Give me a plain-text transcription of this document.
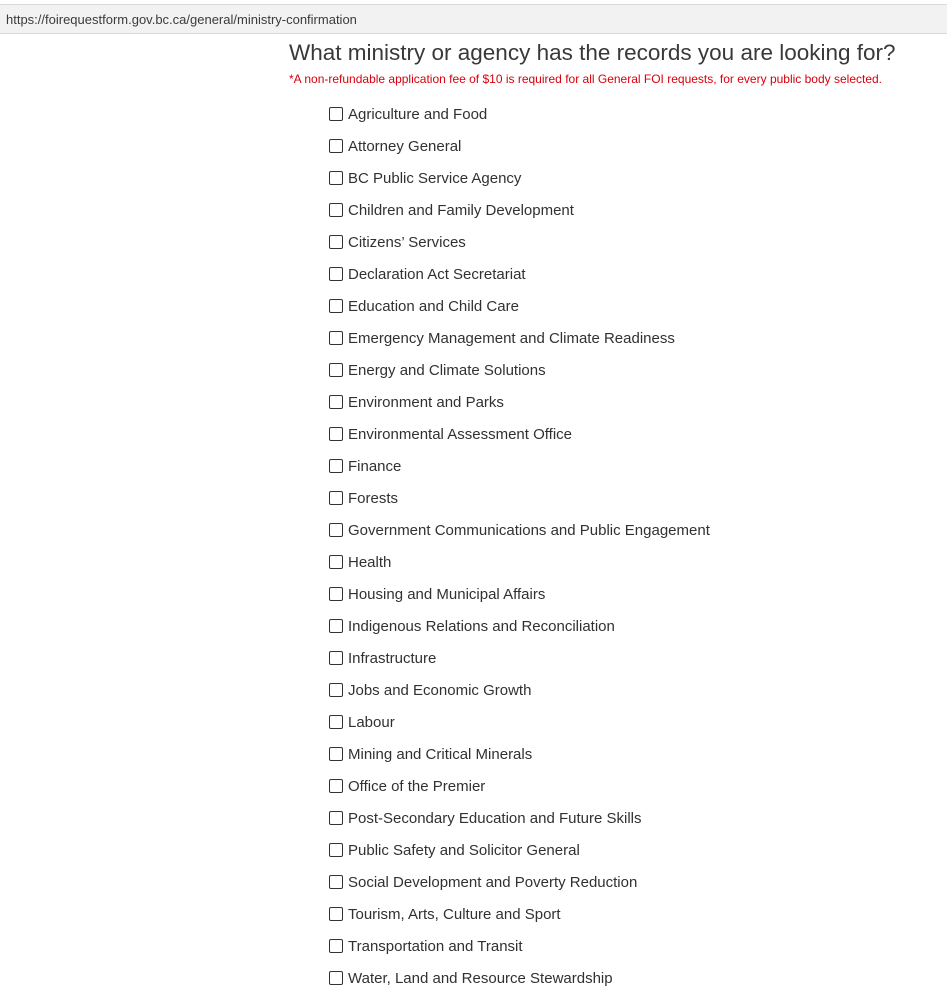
https://foirequestform.gov.bc.ca/general/ministry-confirmation
What ministry or agency has the records you are looking for?

*A non-refundable application fee of $10 is required for all General FOI requests, for every public body selected.

Agriculture and Food
Attorney General
BC Public Service Agency
Children and Family Development
Citizens’ Services
Declaration Act Secretariat
Education and Child Care
Emergency Management and Climate Readiness
Energy and Climate Solutions
Environment and Parks
Environmental Assessment Office
Finance
Forests
Government Communications and Public Engagement
Health
Housing and Municipal Affairs
Indigenous Relations and Reconciliation
Infrastructure
Jobs and Economic Growth
Labour
Mining and Critical Minerals
Office of the Premier
Post-Secondary Education and Future Skills
Public Safety and Solicitor General
Social Development and Poverty Reduction
Tourism, Arts, Culture and Sport
Transportation and Transit
Water, Land and Resource Stewardship
